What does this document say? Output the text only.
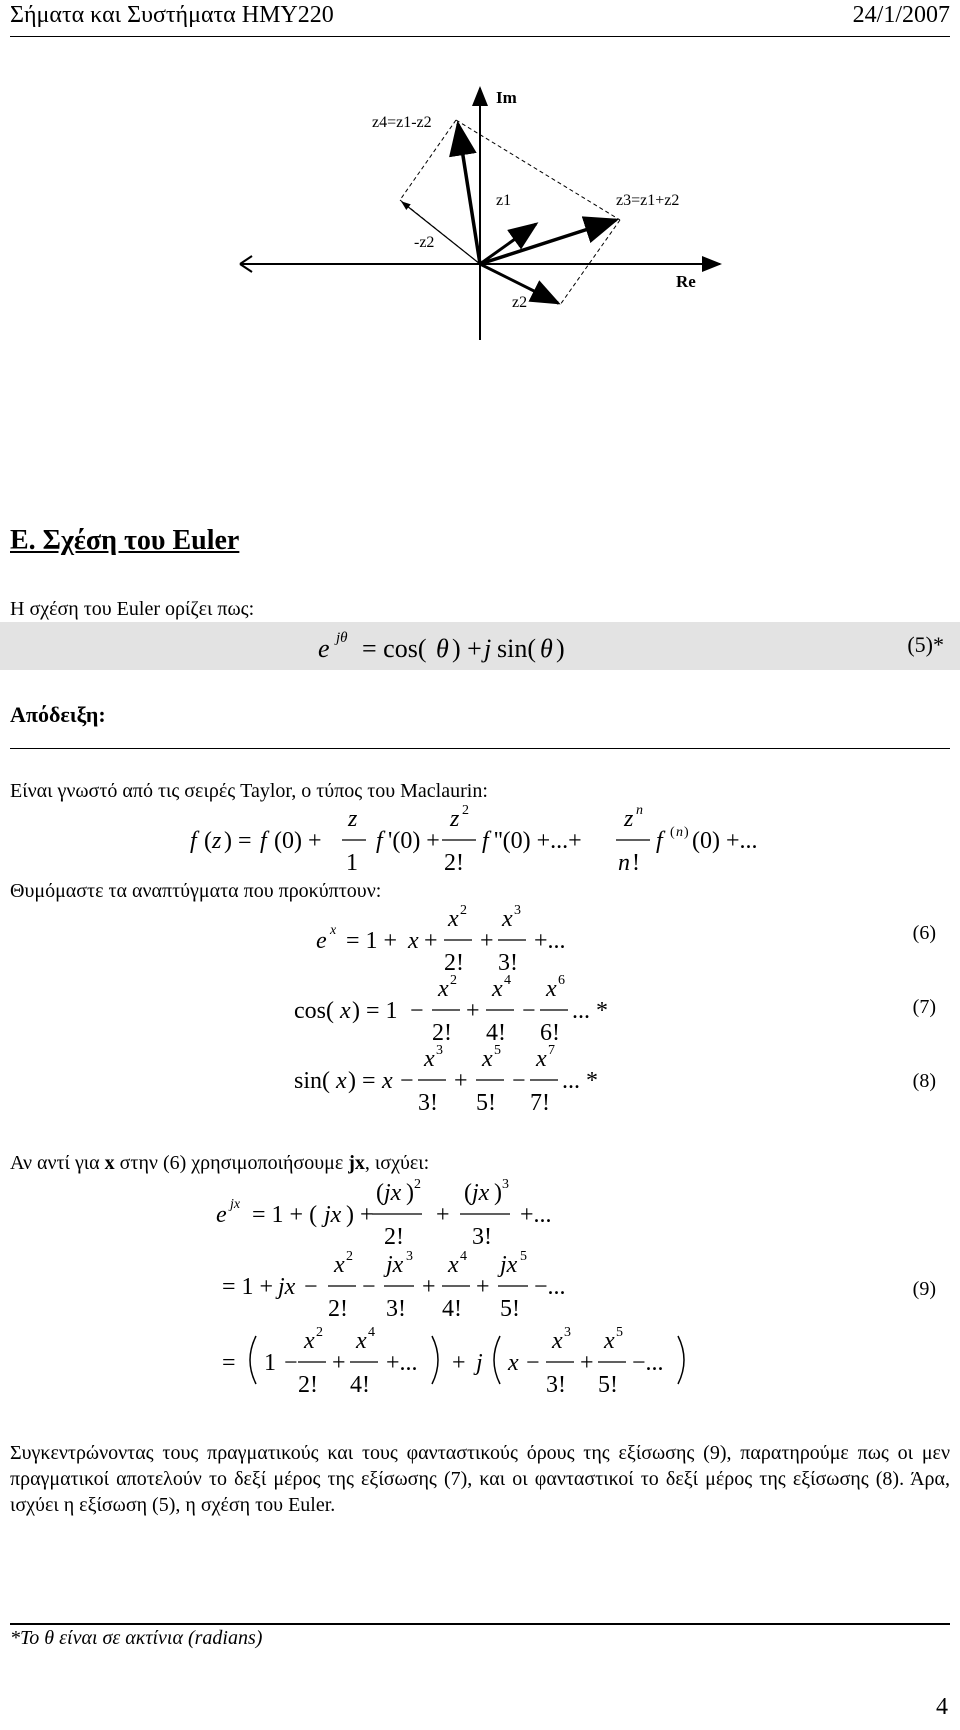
Σήματα και Συστήματα ΗΜΥ220	24/1/2007
Im
Re
z1
z2
-z2
z3=z1+z2
z4=z1-z2
Ε. Σχέση του Euler
Η σχέση του Euler ορίζει πως:
e jθ = cos( θ ) + j sin( θ )	(5)*
Απόδειξη:
Είναι γνωστό από τις σειρές Taylor, ο τύπος του Maclaurin:
f ( z ) = f (0) +
z
1
f '(0) +
z 2
2!
f ''(0) +...+
z n
n !
f ( n ) (0) +...
Θυμόμαστε τα αναπτύγματα που προκύπτουν:
e x = 1 + x +
x 2
2!
+
x 3
3!
+...	(6)
cos( x ) = 1 −
x 2
2!
+
x 4
4!
−
x 6
6!
... *	(7)
sin( x ) = x −
x 3
3!
+
x 5
5!
−
x 7
7!
... *	(8)
Αν αντί για x στην (6) χρησιμοποιήσουμε jx, ισχύει:
e jx = 1 + ( jx ) +
( jx ) 2
2!
+
( jx ) 3
3!
+...
= 1 + jx −
x 2
2!
−
jx 3
3!
+
x 4
4!
+
jx 5
5!
−...
= 1 −
x 2
2!
+
x 4
4!
+... + j x −
x 3
3!
+
x 5
5!
−...
(9)
Συγκεντρώνοντας τους πραγματικούς και τους φανταστικούς όρους της εξίσωσης (9), παρατηρούμε πως οι μεν πραγματικοί αποτελούν το δεξί μέρος της εξίσωσης (7), και οι φανταστικοί το δεξί μέρος της εξίσωσης (8). Άρα, ισχύει η εξίσωση (5), η σχέση του Euler.
*Το θ είναι σε ακτίνια (radians)
4
